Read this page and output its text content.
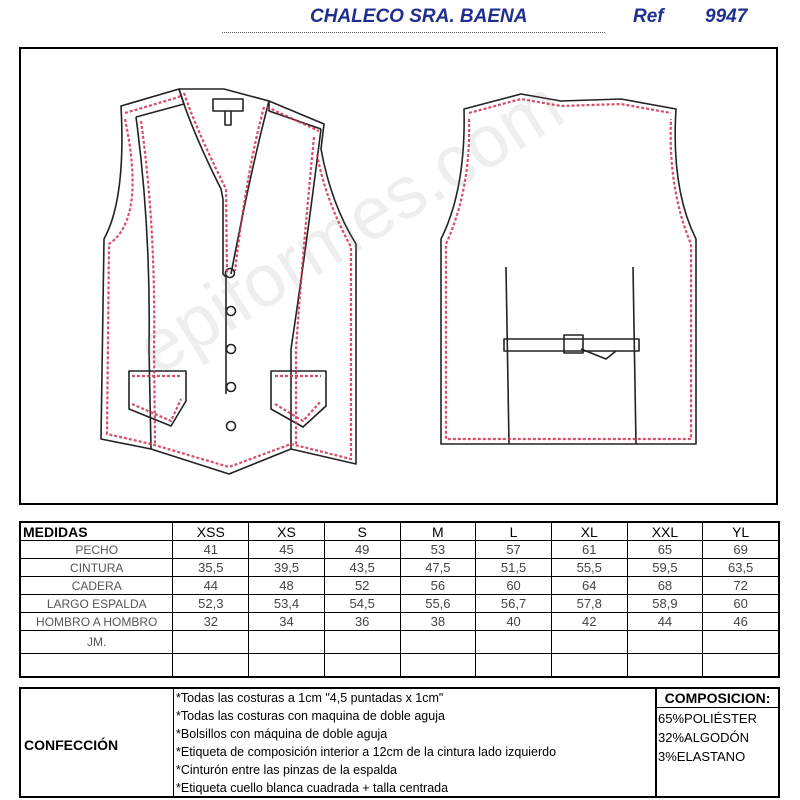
CHALECO SRA. BAENA	Ref 9947
epiformes.com
MEDIDAS	XSS	XS	S	M	L	XL	XXL	YL
PECHO	41	45	49	53	57	61	65	69
CINTURA	35,5	39,5	43,5	47,5	51,5	55,5	59,5	63,5
CADERA	44	48	52	56	60	64	68	72
LARGO ESPALDA	52,3	53,4	54,5	55,6	56,7	57,8	58,9	60
HOMBRO A HOMBRO	32	34	36	38	40	42	44	46
JM.								

CONFECCIÓN
*Todas las costuras a 1cm "4,5 puntadas x 1cm"
*Todas las costuras con maquina de doble aguja
*Bolsillos con máquina de doble aguja
*Etiqueta de composición interior a 12cm de la cintura lado izquierdo
*Cinturón entre las pinzas de la espalda
*Etiqueta cuello blanca cuadrada + talla centrada
COMPOSICION:
65%POLIÉSTER
32%ALGODÓN
3%ELASTANO
